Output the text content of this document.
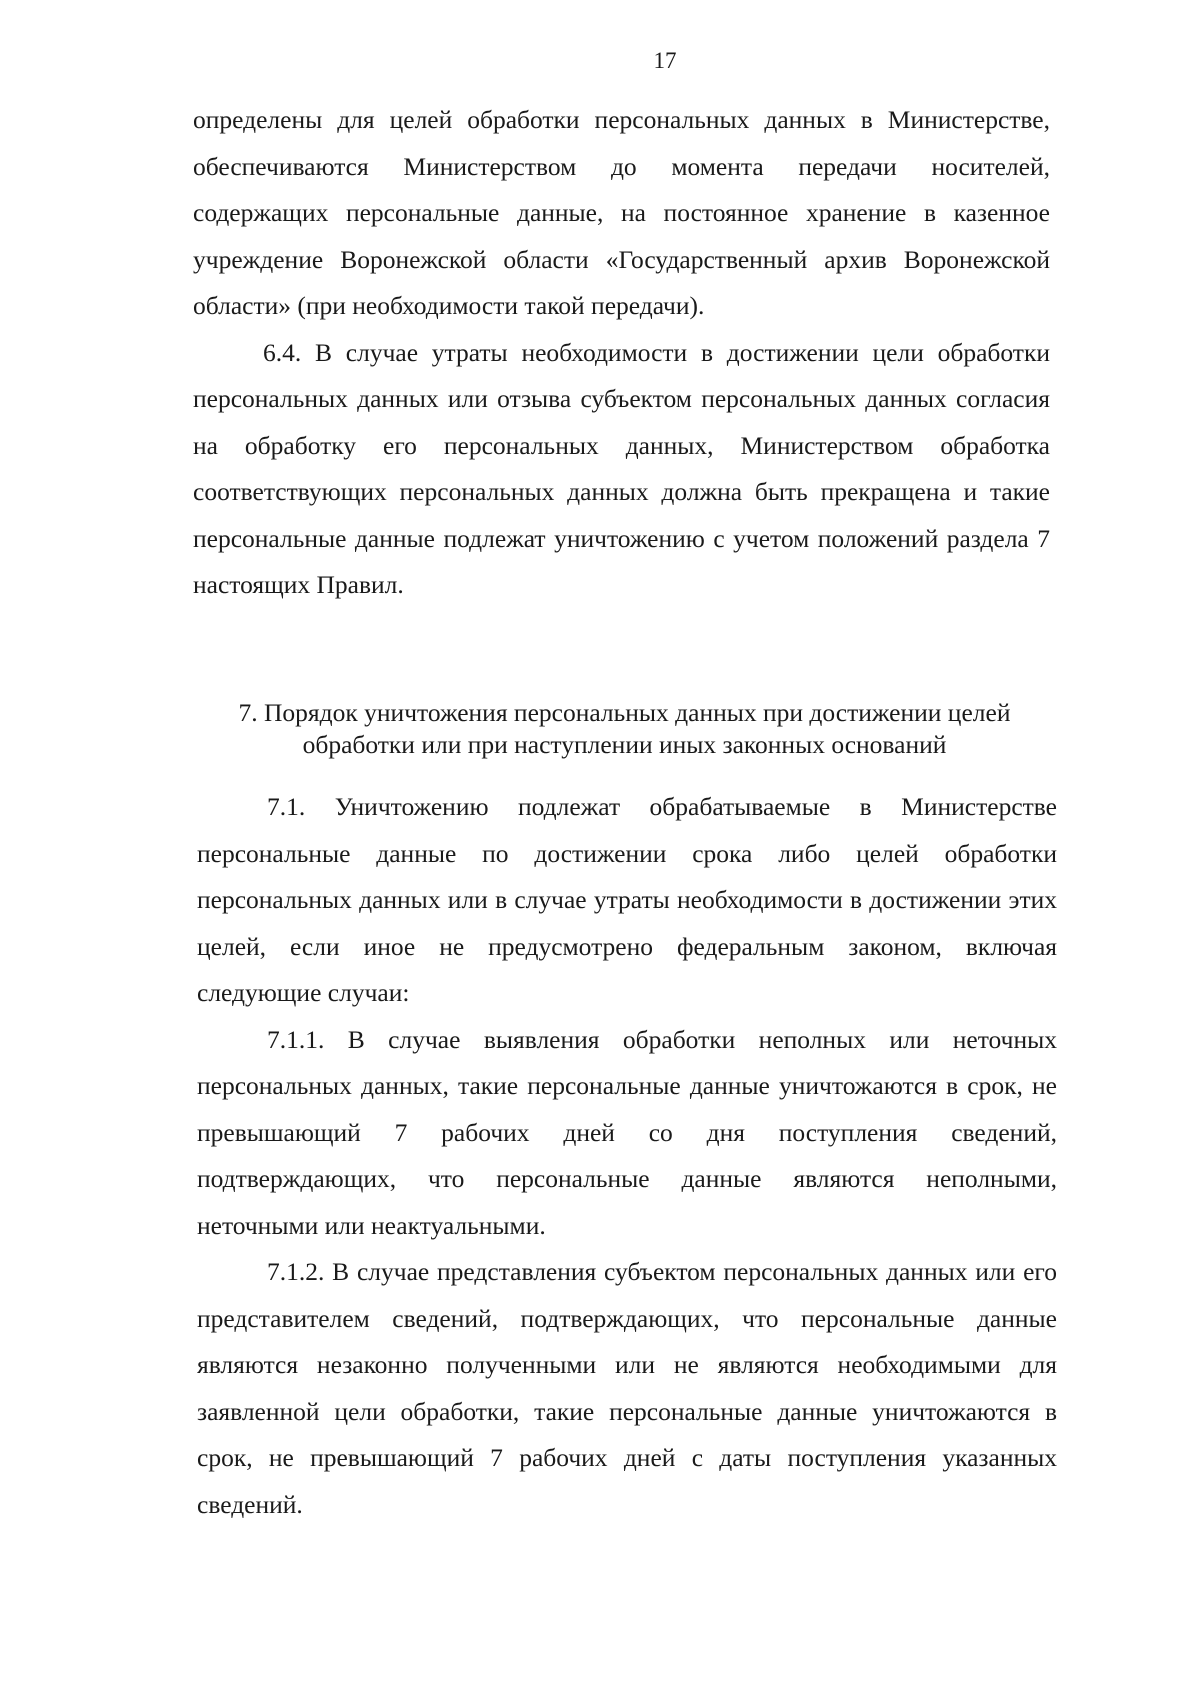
17

определены для целей обработки персональных данных в Министерстве, обеспечиваются Министерством до момента передачи носителей, содержащих персональные данные, на постоянное хранение в казенное учреждение Воронежской области «Государственный архив Воронежской области» (при необходимости такой передачи).

6.4. В случае утраты необходимости в достижении цели обработки персональных данных или отзыва субъектом персональных данных согласия на обработку его персональных данных, Министерством обработка соответствующих персональных данных должна быть прекращена и такие персональные данные подлежат уничтожению с учетом положений раздела 7 настоящих Правил.

7. Порядок уничтожения персональных данных при достижении целей

обработки или при наступлении иных законных оснований

7.1. Уничтожению подлежат обрабатываемые в Министерстве персональные данные по достижении срока либо целей обработки персональных данных или в случае утраты необходимости в достижении этих целей, если иное не предусмотрено федеральным законом, включая следующие случаи:

7.1.1. В случае выявления обработки неполных или неточных персональных данных, такие персональные данные уничтожаются в срок, не превышающий 7 рабочих дней со дня поступления сведений, подтверждающих, что персональные данные являются неполными, неточными или неактуальными.

7.1.2. В случае представления субъектом персональных данных или его представителем сведений, подтверждающих, что персональные данные являются незаконно полученными или не являются необходимыми для заявленной цели обработки, такие персональные данные уничтожаются в срок, не превышающий 7 рабочих дней с даты поступления указанных сведений.
